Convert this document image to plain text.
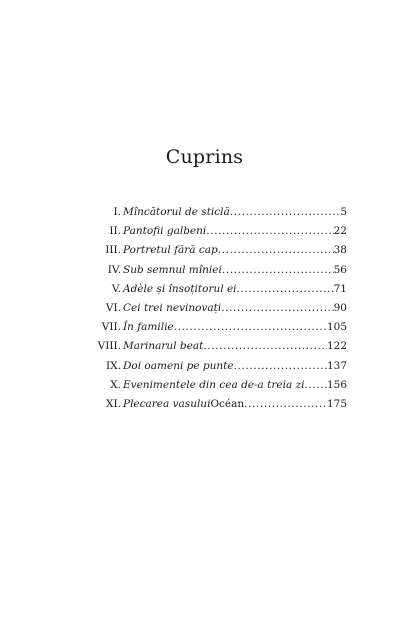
Cuprins
I. Mîncătorul de sticlă .....	5
II. Pantofii galbeni .....	22
III. Portretul fără cap .....	38
IV. Sub semnul mîniei .....	56
V. Adèle și însoțitorul ei .....	71
VI. Cei trei nevinovați .....	90
VII. În familie .....	105
VIII. Marinarul beat .....	122
IX. Doi oameni pe punte .....	137
X. Evenimentele din cea de-a treia zi ..... 156
XI. Plecarea vasului Océan .....	175
